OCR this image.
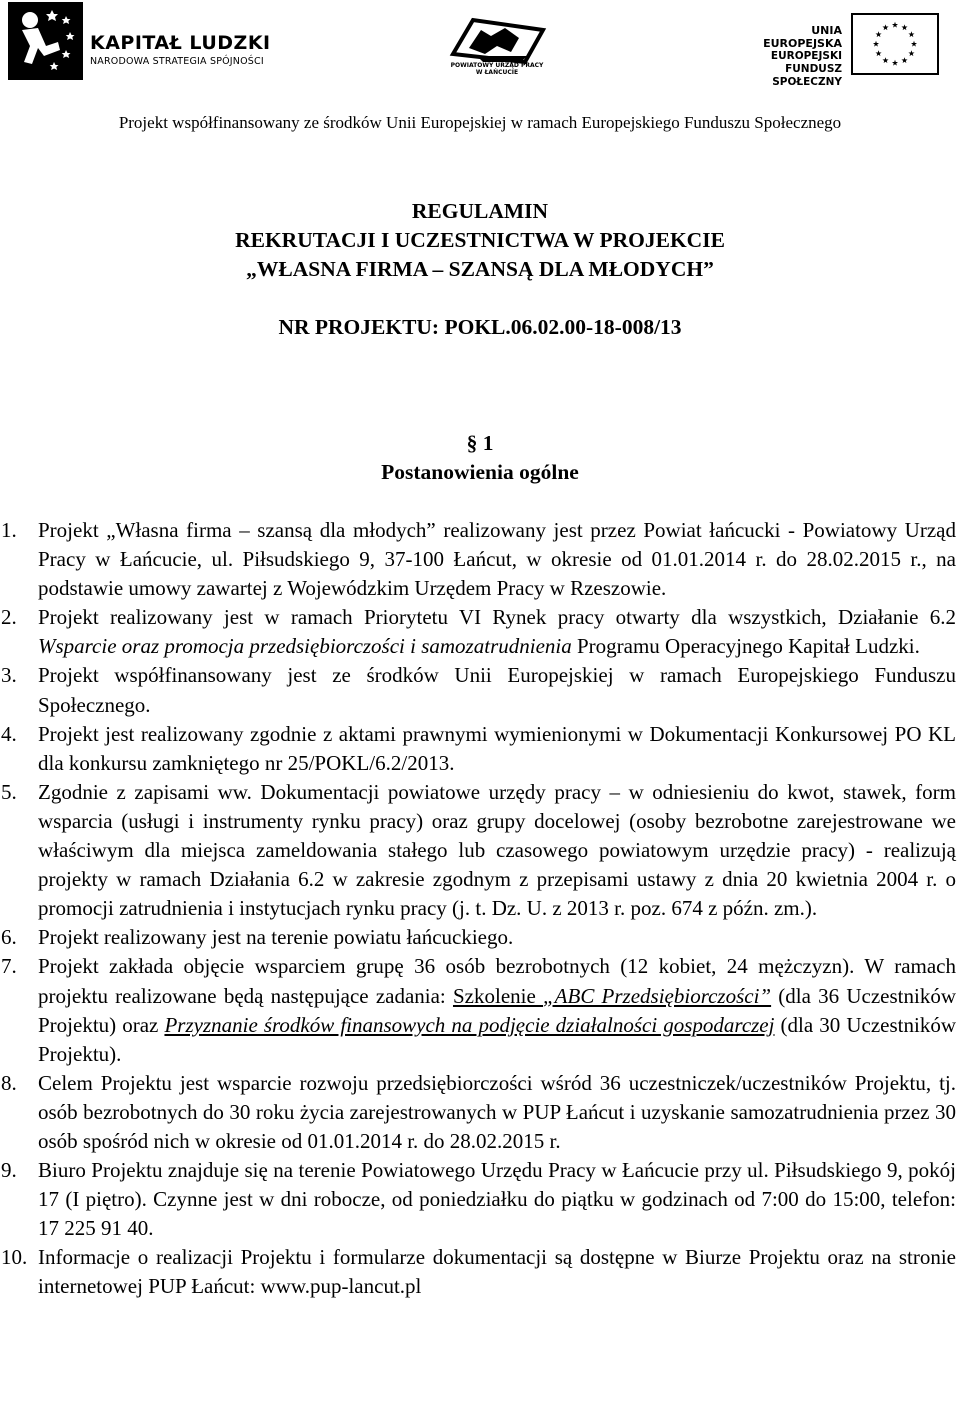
KAPITAŁ LUDZKI
NARODOWA STRATEGIA SPÓJNOŚCI	POWIATOWY URZĄD PRACY W ŁAŃCUCIE
UNIA EUROPEJSKA
EUROPEJSKI
FUNDUSZ SPOŁECZNY
Projekt współfinansowany ze środków Unii Europejskiej w ramach Europejskiego Funduszu Społecznego
REGULAMIN
REKRUTACJI I UCZESTNICTWA W PROJEKCIE
„WŁASNA FIRMA – SZANSĄ DLA MŁODYCH”
NR PROJEKTU: POKL.06.02.00-18-008/13
§ 1
Postanowienia ogólne
1. Projekt „Własna firma – szansą dla młodych” realizowany jest przez Powiat łańcucki - Powiatowy Urząd Pracy w Łańcucie, ul. Piłsudskiego 9, 37-100 Łańcut, w okresie od 01.01.2014 r. do 28.02.2015 r., na podstawie umowy zawartej z Wojewódzkim Urzędem Pracy w Rzeszowie.
2. Projekt realizowany jest w ramach Priorytetu VI Rynek pracy otwarty dla wszystkich, Działanie 6.2 Wsparcie oraz promocja przedsiębiorczości i samozatrudnienia Programu Operacyjnego Kapitał Ludzki.
3. Projekt współfinansowany jest ze środków Unii Europejskiej w ramach Europejskiego Funduszu Społecznego.
4. Projekt jest realizowany zgodnie z aktami prawnymi wymienionymi w Dokumentacji Konkursowej PO KL dla konkursu zamkniętego nr 25/POKL/6.2/2013.
5. Zgodnie z zapisami ww. Dokumentacji powiatowe urzędy pracy – w odniesieniu do kwot, stawek, form wsparcia (usługi i instrumenty rynku pracy) oraz grupy docelowej (osoby bezrobotne zarejestrowane we właściwym dla miejsca zameldowania stałego lub czasowego powiatowym urzędzie pracy) - realizują projekty w ramach Działania 6.2 w zakresie zgodnym z przepisami ustawy z dnia 20 kwietnia 2004 r. o promocji zatrudnienia i instytucjach rynku pracy (j. t. Dz. U. z 2013 r. poz. 674 z późn. zm.).
6. Projekt realizowany jest na terenie powiatu łańcuckiego.
7. Projekt zakłada objęcie wsparciem grupę 36 osób bezrobotnych (12 kobiet, 24 mężczyzn). W ramach projektu realizowane będą następujące zadania: Szkolenie „ABC Przedsiębiorczości” (dla 36 Uczestników Projektu) oraz Przyznanie środków finansowych na podjęcie działalności gospodarczej (dla 30 Uczestników Projektu).
8. Celem Projektu jest wsparcie rozwoju przedsiębiorczości wśród 36 uczestniczek/uczestników Projektu, tj. osób bezrobotnych do 30 roku życia zarejestrowanych w PUP Łańcut i uzyskanie samozatrudnienia przez 30 osób spośród nich w okresie od 01.01.2014 r. do 28.02.2015 r.
9. Biuro Projektu znajduje się na terenie Powiatowego Urzędu Pracy w Łańcucie przy ul. Piłsudskiego 9, pokój 17 (I piętro). Czynne jest w dni robocze, od poniedziałku do piątku w godzinach od 7:00 do 15:00, telefon: 17 225 91 40.
10. Informacje o realizacji Projektu i formularze dokumentacji są dostępne w Biurze Projektu oraz na stronie internetowej PUP Łańcut: www.pup-lancut.pl
